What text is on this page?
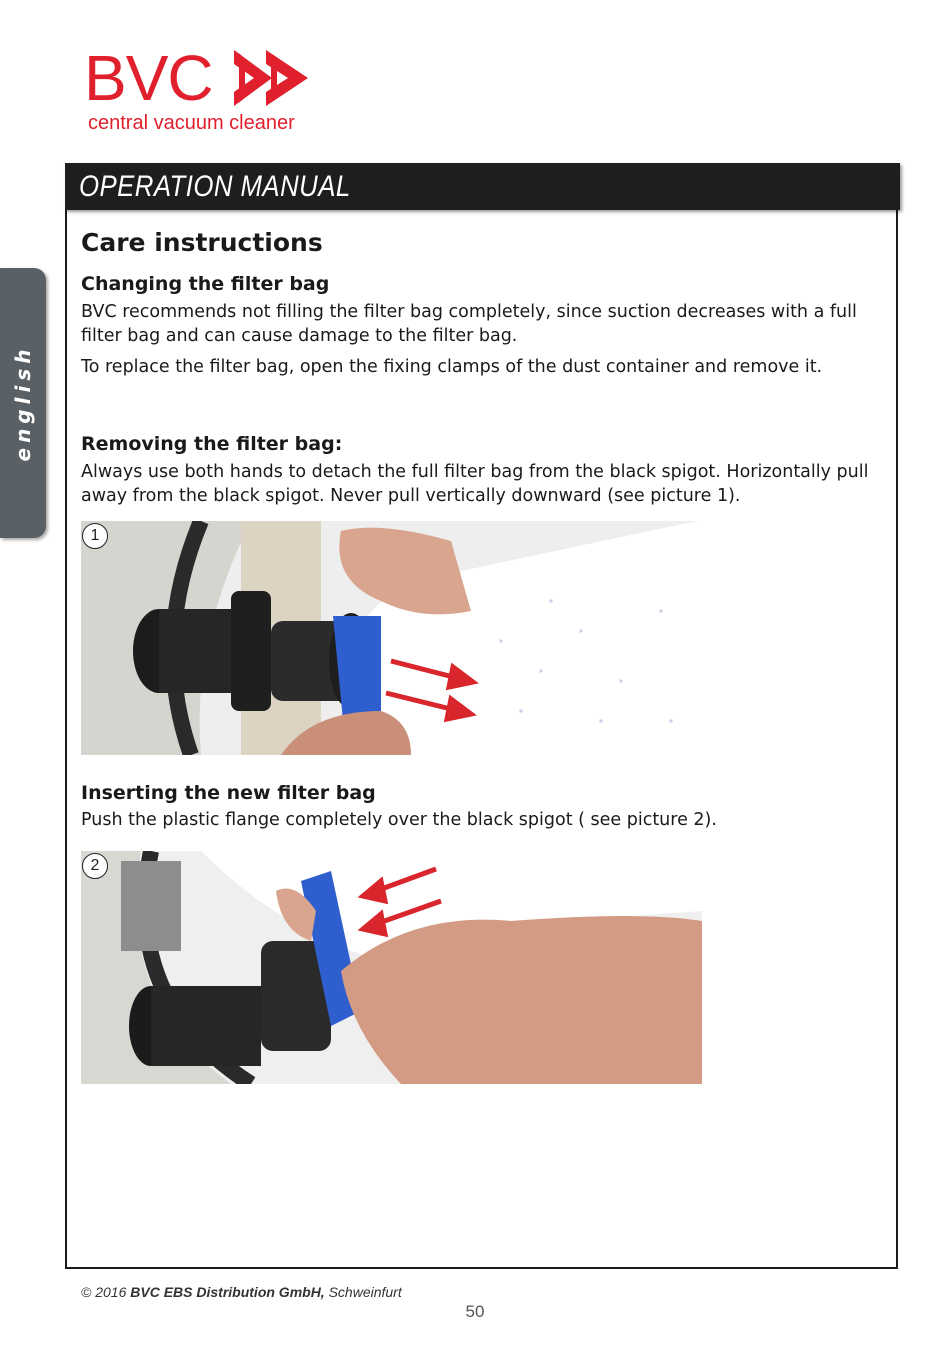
BVC
central vacuum cleaner
english
OPERATION MANUAL
Care instructions
Changing the filter bag

BVC recommends not filling the filter bag completely, since suction decreases with a full filter bag and can cause damage to the filter bag.

To replace the filter bag, open the fixing clamps of the dust container and remove it.

Removing the filter bag:

Always use both hands to detach the full filter bag from the black spigot. Horizontally pull away from the black spigot. Never pull vertically downward (see picture 1).

1
Inserting the new filter bag

Push the plastic flange completely over the black spigot ( see picture 2).

2
© 2016 BVC EBS Distribution GmbH, Schweinfurt
50
